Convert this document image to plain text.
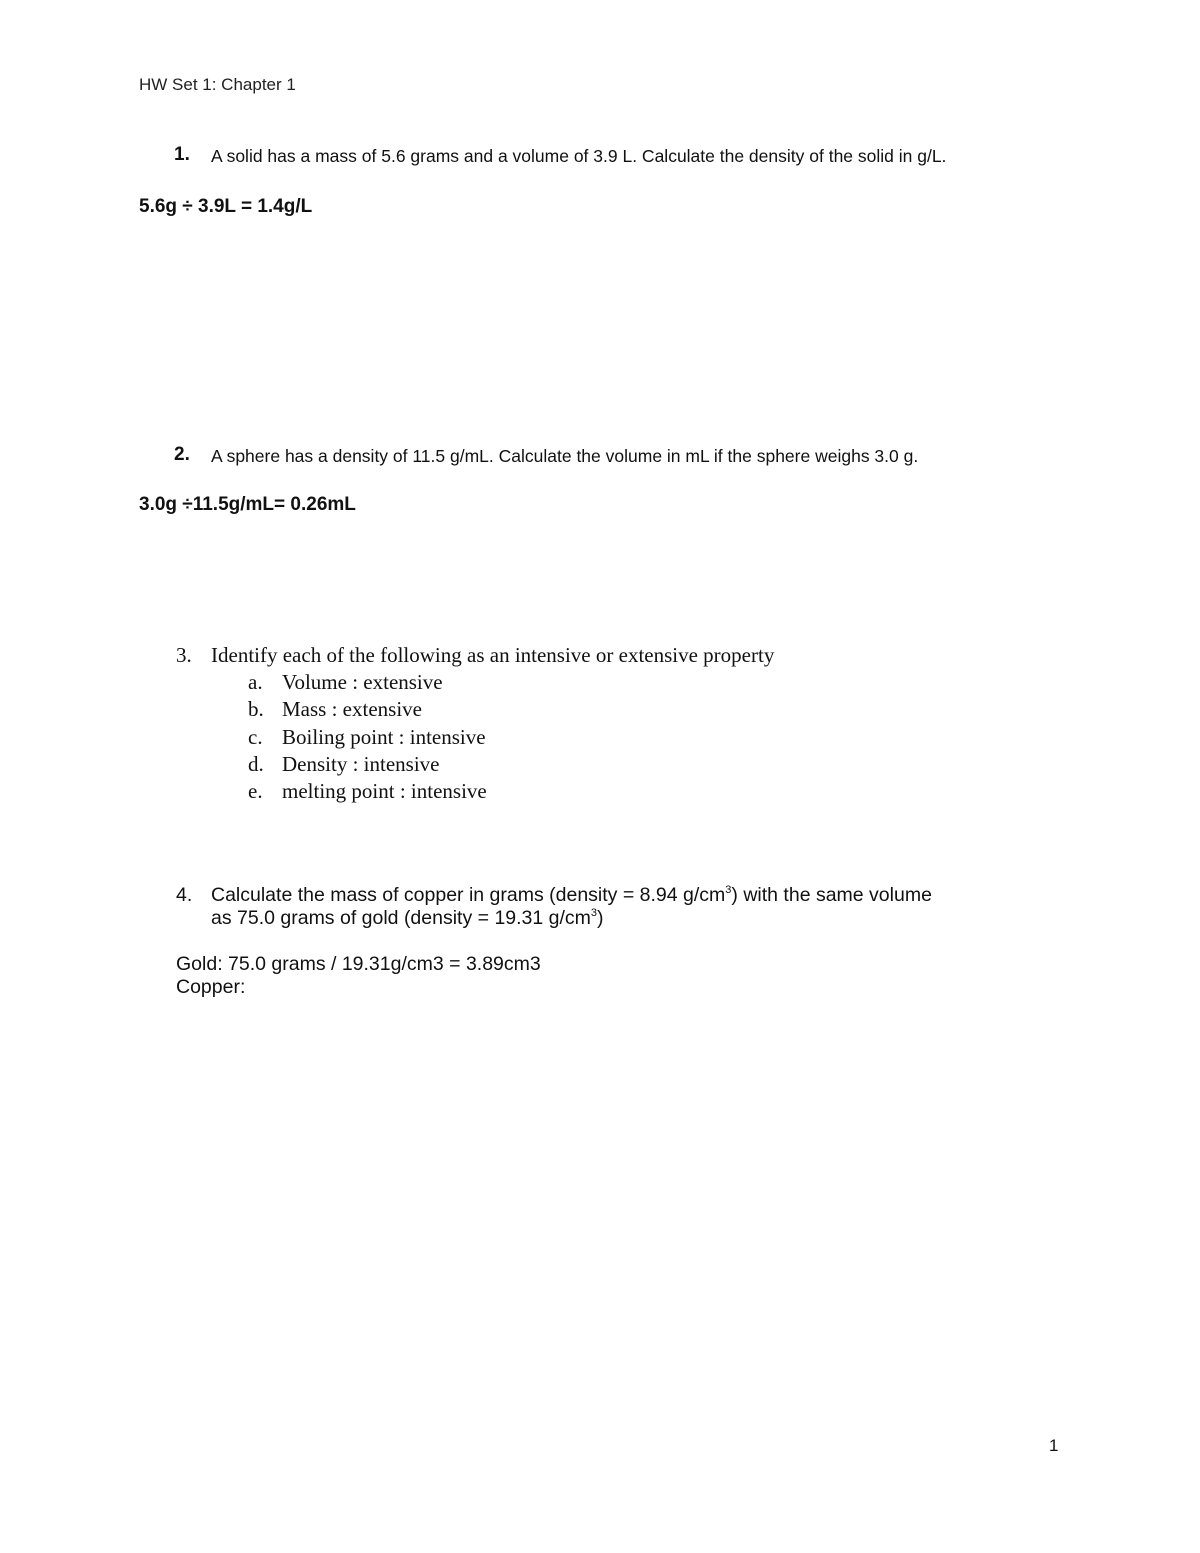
HW Set 1: Chapter 1
1. A solid has a mass of 5.6 grams and a volume of 3.9 L. Calculate the density of the solid in g/L.
5.6g ÷ 3.9L = 1.4g/L
2. A sphere has a density of 11.5 g/mL. Calculate the volume in mL if the sphere weighs 3.0 g.
3.0g ÷11.5g/mL= 0.26mL
3. Identify each of the following as an intensive or extensive property
a. Volume : extensive
b. Mass : extensive
c. Boiling point : intensive
d. Density : intensive
e. melting point : intensive
4. Calculate the mass of copper in grams (density = 8.94 $g/cm^3$) with the same volume
as 75.0 grams of gold (density = 19.31 $g/cm^3$)
Gold: 75.0 grams / 19.31g/cm3 = 3.89cm3
Copper:
1
